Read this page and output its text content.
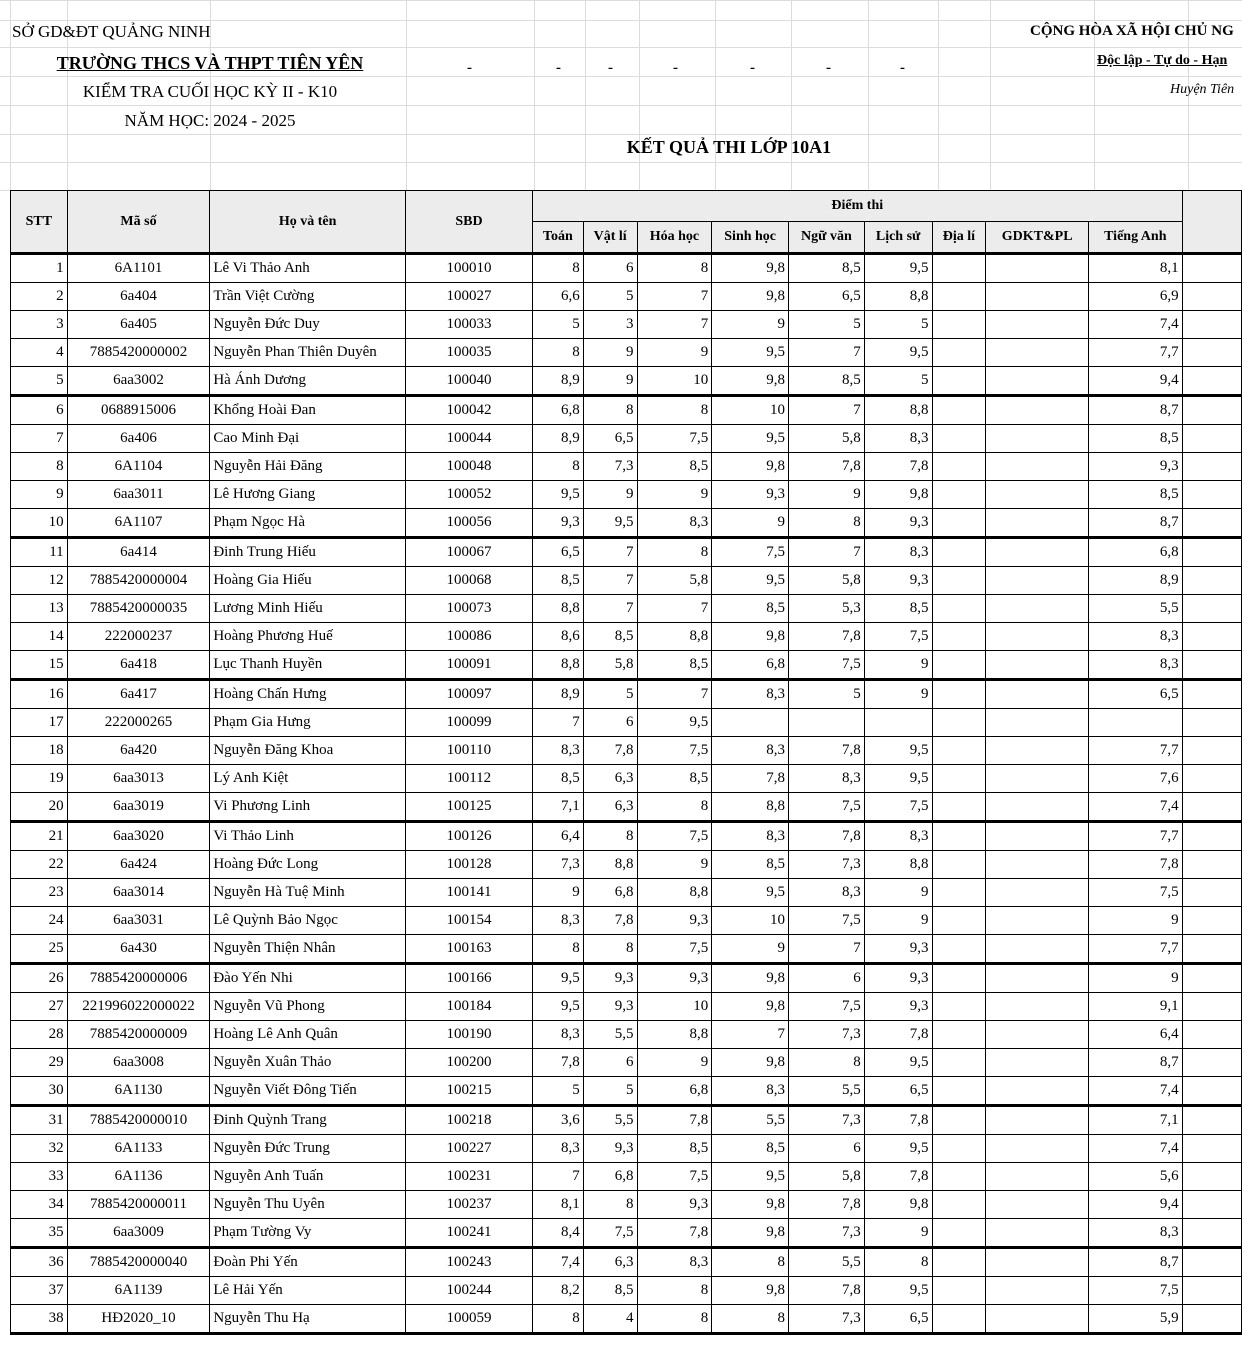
SỞ GD&ĐT QUẢNG NINH
TRƯỜNG THCS VÀ THPT TIÊN YÊN
KIỂM TRA CUỐI HỌC KỲ II - K10
NĂM HỌC: 2024 - 2025
-	-	-	-	-	-	-
CỘNG HÒA XÃ HỘI CHỦ NG
Độc lập - Tự do - Hạn
Huyện Tiên
KẾT QUẢ THI LỚP 10A1
STT	Mã số	Họ và tên	SBD	Điểm thi									
				Toán	Vật lí	Hóa học	Sinh học	Ngữ văn	Lịch sử	Địa lí	GDKT&PL	Tiếng Anh	
1	6A1101	Lê Vi Thảo Anh	100010	8	6	8	9,8	8,5	9,5			8,1	
2	6a404	Trần Việt Cường	100027	6,6	5	7	9,8	6,5	8,8			6,9	
3	6a405	Nguyễn Đức Duy	100033	5	3	7	9	5	5			7,4	
4	7885420000002	Nguyễn Phan Thiên Duyên	100035	8	9	9	9,5	7	9,5			7,7	
5	6aa3002	Hà Ánh Dương	100040	8,9	9	10	9,8	8,5	5			9,4	
6	0688915006	Khổng Hoài Đan	100042	6,8	8	8	10	7	8,8			8,7	
7	6a406	Cao Minh Đại	100044	8,9	6,5	7,5	9,5	5,8	8,3			8,5	
8	6A1104	Nguyễn Hải Đăng	100048	8	7,3	8,5	9,8	7,8	7,8			9,3	
9	6aa3011	Lê Hương Giang	100052	9,5	9	9	9,3	9	9,8			8,5	
10	6A1107	Phạm Ngọc Hà	100056	9,3	9,5	8,3	9	8	9,3			8,7	
11	6a414	Đinh Trung Hiếu	100067	6,5	7	8	7,5	7	8,3			6,8	
12	7885420000004	Hoàng Gia Hiếu	100068	8,5	7	5,8	9,5	5,8	9,3			8,9	
13	7885420000035	Lương Minh Hiếu	100073	8,8	7	7	8,5	5,3	8,5			5,5	
14	222000237	Hoàng Phương Huế	100086	8,6	8,5	8,8	9,8	7,8	7,5			8,3	
15	6a418	Lục Thanh Huyền	100091	8,8	5,8	8,5	6,8	7,5	9			8,3	
16	6a417	Hoàng Chấn Hưng	100097	8,9	5	7	8,3	5	9			6,5	
17	222000265	Phạm Gia Hưng	100099	7	6	9,5							
18	6a420	Nguyễn Đăng Khoa	100110	8,3	7,8	7,5	8,3	7,8	9,5			7,7	
19	6aa3013	Lý Anh Kiệt	100112	8,5	6,3	8,5	7,8	8,3	9,5			7,6	
20	6aa3019	Vi Phương Linh	100125	7,1	6,3	8	8,8	7,5	7,5			7,4	
21	6aa3020	Vi Thảo Linh	100126	6,4	8	7,5	8,3	7,8	8,3			7,7	
22	6a424	Hoàng Đức Long	100128	7,3	8,8	9	8,5	7,3	8,8			7,8	
23	6aa3014	Nguyễn Hà Tuệ Minh	100141	9	6,8	8,8	9,5	8,3	9			7,5	
24	6aa3031	Lê Quỳnh Bảo Ngọc	100154	8,3	7,8	9,3	10	7,5	9			9	
25	6a430	Nguyễn Thiện Nhân	100163	8	8	7,5	9	7	9,3			7,7	
26	7885420000006	Đào Yến Nhi	100166	9,5	9,3	9,3	9,8	6	9,3			9	
27	221996022000022	Nguyễn Vũ Phong	100184	9,5	9,3	10	9,8	7,5	9,3			9,1	
28	7885420000009	Hoàng Lê Anh Quân	100190	8,3	5,5	8,8	7	7,3	7,8			6,4	
29	6aa3008	Nguyễn Xuân Thảo	100200	7,8	6	9	9,8	8	9,5			8,7	
30	6A1130	Nguyễn Viết Đông Tiến	100215	5	5	6,8	8,3	5,5	6,5			7,4	
31	7885420000010	Đinh Quỳnh Trang	100218	3,6	5,5	7,8	5,5	7,3	7,8			7,1	
32	6A1133	Nguyễn Đức Trung	100227	8,3	9,3	8,5	8,5	6	9,5			7,4	
33	6A1136	Nguyễn Anh Tuấn	100231	7	6,8	7,5	9,5	5,8	7,8			5,6	
34	7885420000011	Nguyễn Thu Uyên	100237	8,1	8	9,3	9,8	7,8	9,8			9,4	
35	6aa3009	Phạm Tường Vy	100241	8,4	7,5	7,8	9,8	7,3	9			8,3	
36	7885420000040	Đoàn Phi Yến	100243	7,4	6,3	8,3	8	5,5	8			8,7	
37	6A1139	Lê Hải Yến	100244	8,2	8,5	8	9,8	7,8	9,5			7,5	
38	HĐ2020_10	Nguyễn Thu Hạ	100059	8	4	8	8	7,3	6,5			5,9	
